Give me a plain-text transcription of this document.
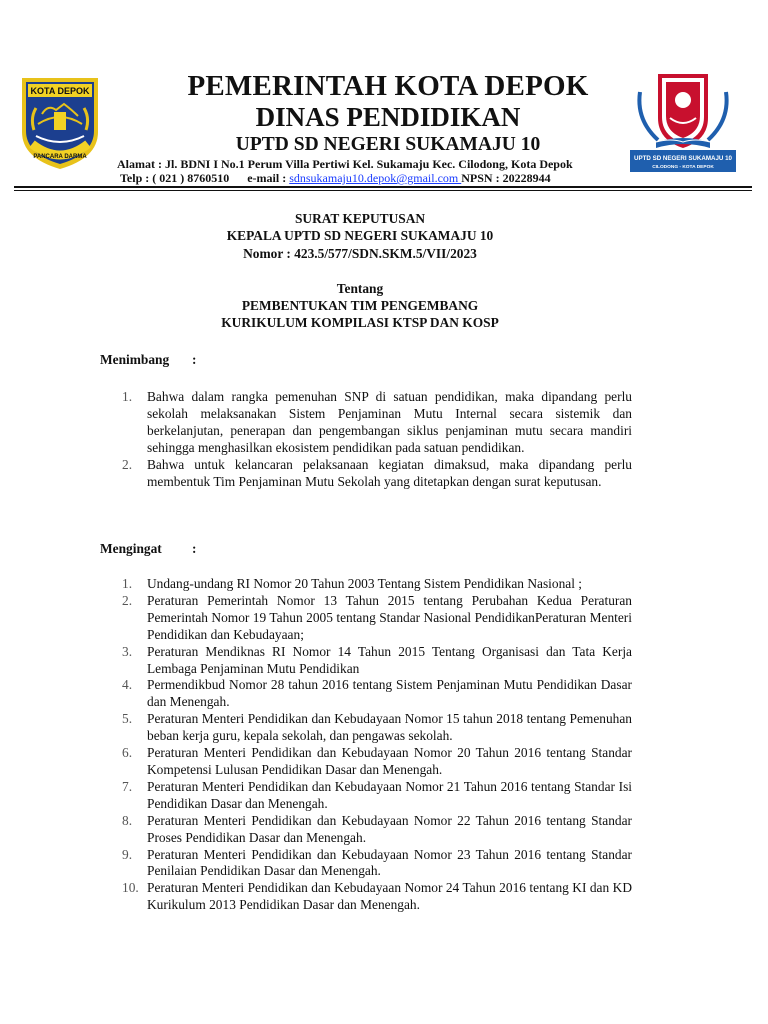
KOTA DEPOK
PANCARA DARMA	UPTD SD NEGERI SUKAMAJU 10
CILODONG - KOTA DEPOK
PEMERINTAH KOTA DEPOK
DINAS PENDIDIKAN
UPTD SD NEGERI SUKAMAJU 10
Alamat : Jl. BDNI I No.1 Perum Villa Pertiwi Kel. Sukamaju Kec. Cilodong, Kota Depok
Telp : ( 021 ) 8760510 e-mail : sdnsukamaju10.depok@gmail.com NPSN : 20228944
SURAT KEPUTUSAN
KEPALA UPTD SD NEGERI SUKAMAJU 10
Nomor : 423.5/577/SDN.SKM.5/VII/2023
Tentang
PEMBENTUKAN TIM PENGEMBANG
KURIKULUM KOMPILASI KTSP DAN KOSP
Menimbang :
1.	Bahwa dalam rangka pemenuhan SNP di satuan pendidikan, maka dipandang perlu sekolah melaksanakan Sistem Penjaminan Mutu Internal secara sistemik dan berkelanjutan, penerapan dan pengembangan siklus penjaminan mutu secara mandiri sehingga menghasilkan ekosistem pendidikan pada satuan pendidikan.
2.	Bahwa untuk kelancaran pelaksanaan kegiatan dimaksud, maka dipandang perlu membentuk Tim Penjaminan Mutu Sekolah yang ditetapkan dengan surat keputusan.
Mengingat :
1.	Undang-undang RI Nomor 20 Tahun 2003 Tentang Sistem Pendidikan Nasional ;
2.	Peraturan Pemerintah Nomor 13 Tahun 2015 tentang Perubahan Kedua Peraturan Pemerintah Nomor 19 Tahun 2005 tentang Standar Nasional PendidikanPeraturan Menteri Pendidikan dan Kebudayaan;
3.	Peraturan Mendiknas RI Nomor 14 Tahun 2015 Tentang Organisasi dan Tata Kerja Lembaga Penjaminan Mutu Pendidikan
4.	Permendikbud Nomor 28 tahun 2016 tentang Sistem Penjaminan Mutu Pendidikan Dasar dan Menengah.
5.	Peraturan Menteri Pendidikan dan Kebudayaan Nomor 15 tahun 2018 tentang Pemenuhan beban kerja guru, kepala sekolah, dan pengawas sekolah.
6.	Peraturan Menteri Pendidikan dan Kebudayaan Nomor 20 Tahun 2016 tentang Standar Kompetensi Lulusan Pendidikan Dasar dan Menengah.
7.	Peraturan Menteri Pendidikan dan Kebudayaan Nomor 21 Tahun 2016 tentang Standar Isi Pendidikan Dasar dan Menengah.
8.	Peraturan Menteri Pendidikan dan Kebudayaan Nomor 22 Tahun 2016 tentang Standar Proses Pendidikan Dasar dan Menengah.
9.	Peraturan Menteri Pendidikan dan Kebudayaan Nomor 23 Tahun 2016 tentang Standar Penilaian Pendidikan Dasar dan Menengah.
10. Peraturan Menteri Pendidikan dan Kebudayaan Nomor 24 Tahun 2016 tentang KI dan KD Kurikulum 2013 Pendidikan Dasar dan Menengah.
